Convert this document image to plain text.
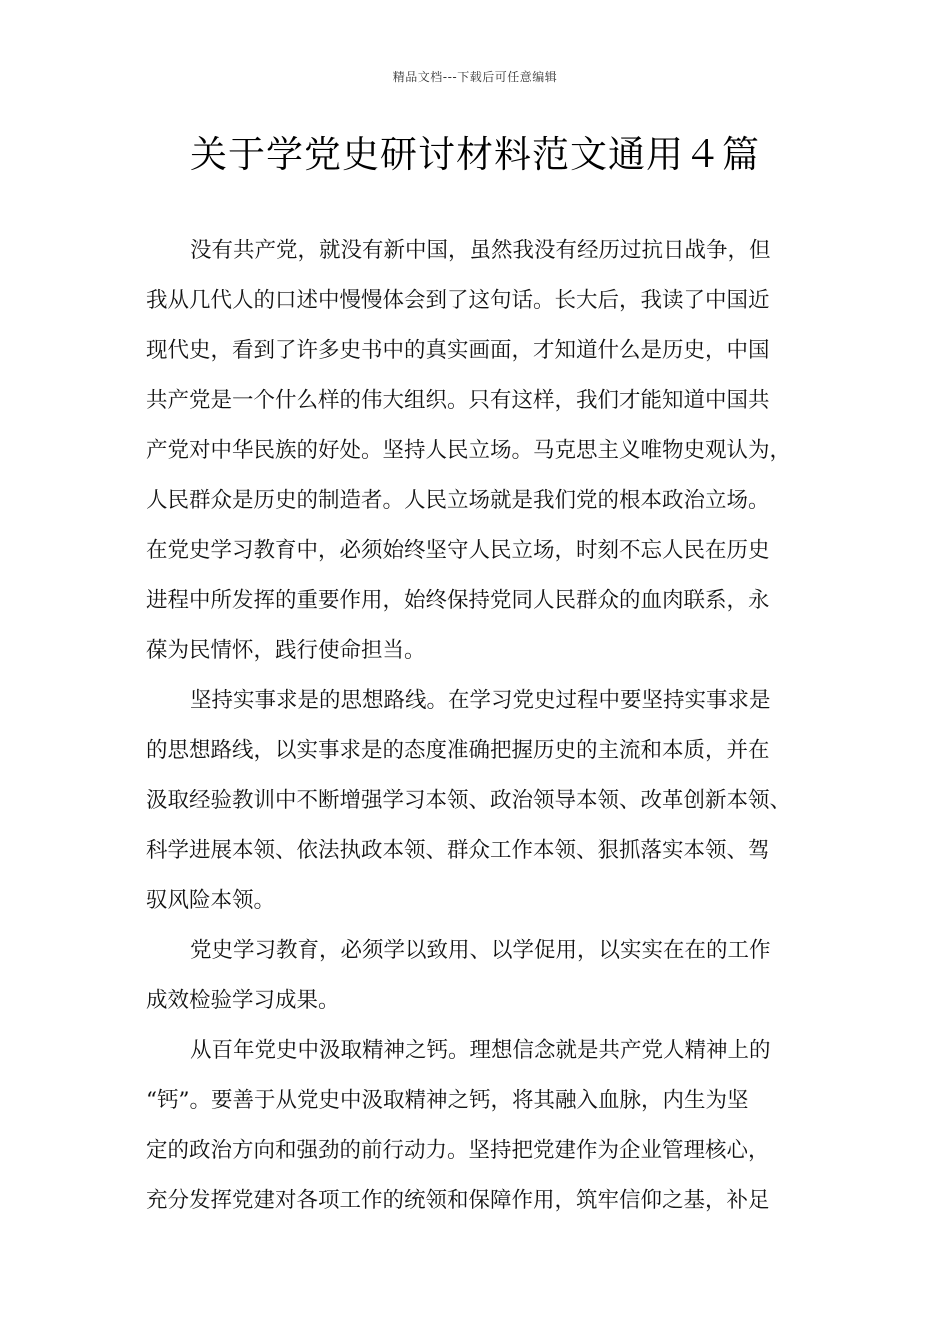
精品文档---下载后可任意编辑
关于学党史研讨材料范文通用４篇
没有共产党，就没有新中国，虽然我没有经历过抗日战争，但
我从几代人的口述中慢慢体会到了这句话。长大后，我读了中国近
现代史，看到了许多史书中的真实画面，才知道什么是历史，中国
共产党是一个什么样的伟大组织。只有这样，我们才能知道中国共
产党对中华民族的好处。坚持人民立场。马克思主义唯物史观认为，
人民群众是历史的制造者。人民立场就是我们党的根本政治立场。
在党史学习教育中，必须始终坚守人民立场，时刻不忘人民在历史
进程中所发挥的重要作用，始终保持党同人民群众的血肉联系，永
葆为民情怀，践行使命担当。
坚持实事求是的思想路线。在学习党史过程中要坚持实事求是
的思想路线，以实事求是的态度准确把握历史的主流和本质，并在
汲取经验教训中不断增强学习本领、政治领导本领、改革创新本领、
科学进展本领、依法执政本领、群众工作本领、狠抓落实本领、驾
驭风险本领。
党史学习教育，必须学以致用、以学促用，以实实在在的工作
成效检验学习成果。
从百年党史中汲取精神之钙。理想信念就是共产党人精神上的
“钙”。要善于从党史中汲取精神之钙，将其融入血脉，内生为坚
定的政治方向和强劲的前行动力。坚持把党建作为企业管理核心，
充分发挥党建对各项工作的统领和保障作用，筑牢信仰之基，补足
